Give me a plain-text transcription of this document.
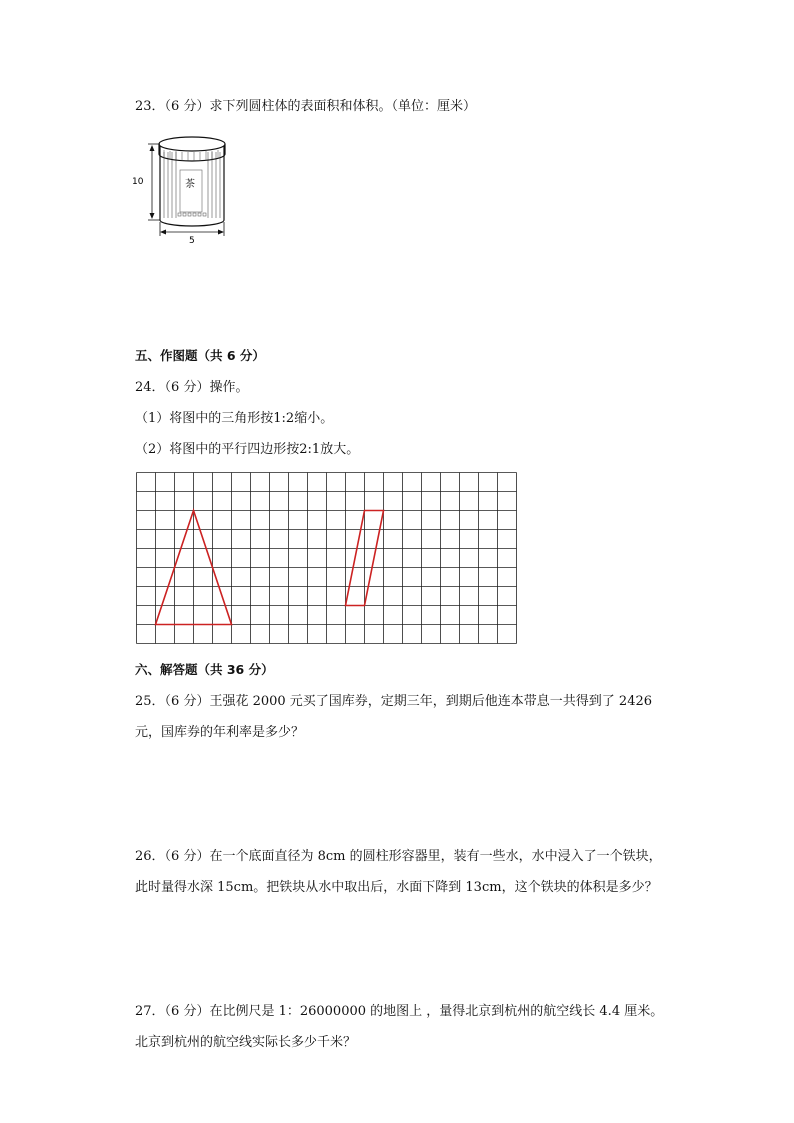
23．（6 分）求下列圆柱体的表面积和体积。（单位：厘米）
茶
10
5
五、作图题（共 6 分）
24．（6 分）操作。
（1）将图中的三角形按1:2缩小。
（2）将图中的平行四边形按2:1放大。
六、解答题（共 36 分）
25．（6 分）王强花 2000 元买了国库券，定期三年，到期后他连本带息一共得到了 2426
元，国库券的年利率是多少？
26．（6 分）在一个底面直径为 8cm 的圆柱形容器里，装有一些水，水中浸入了一个铁块，
此时量得水深 15cm。把铁块从水中取出后，水面下降到 13cm，这个铁块的体积是多少？
27．（6 分）在比例尺是 1：26000000 的地图上 ，量得北京到杭州的航空线长 4.4 厘米。
北京到杭州的航空线实际长多少千米？
